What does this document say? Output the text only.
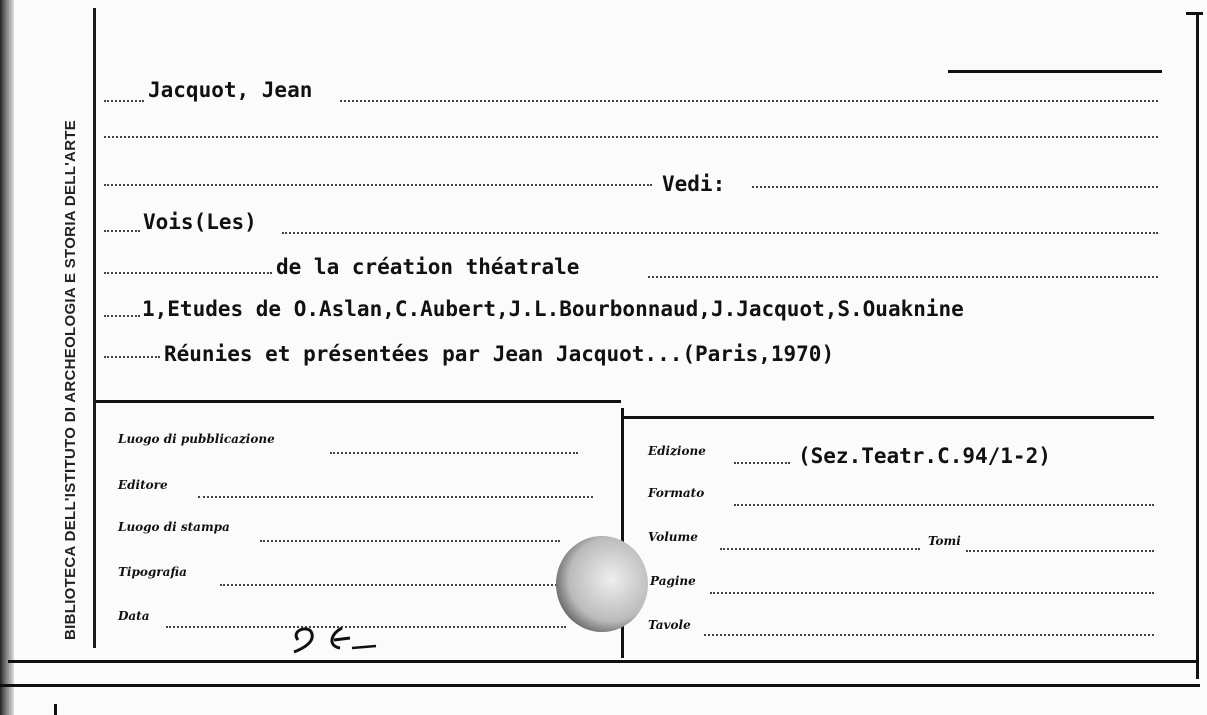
BIBLIOTECA DELL'ISTITUTO DI ARCHEOLOGIA E STORIA DELL'ARTE
Jacquot, Jean
Vedi:
Vois(Les)
de la création théatrale
1,Etudes de O.Aslan,C.Aubert,J.L.Bourbonnaud,J.Jacquot,S.Ouaknine
Réunies et présentées par Jean Jacquot...(Paris,1970)
Luogo di pubblicazione
Editore
Luogo di stampa
Tipografia
Data
Edizione	(Sez.Teatr.C.94/1-2)
Formato
Volume	Tomi
Pagine
Tavole
